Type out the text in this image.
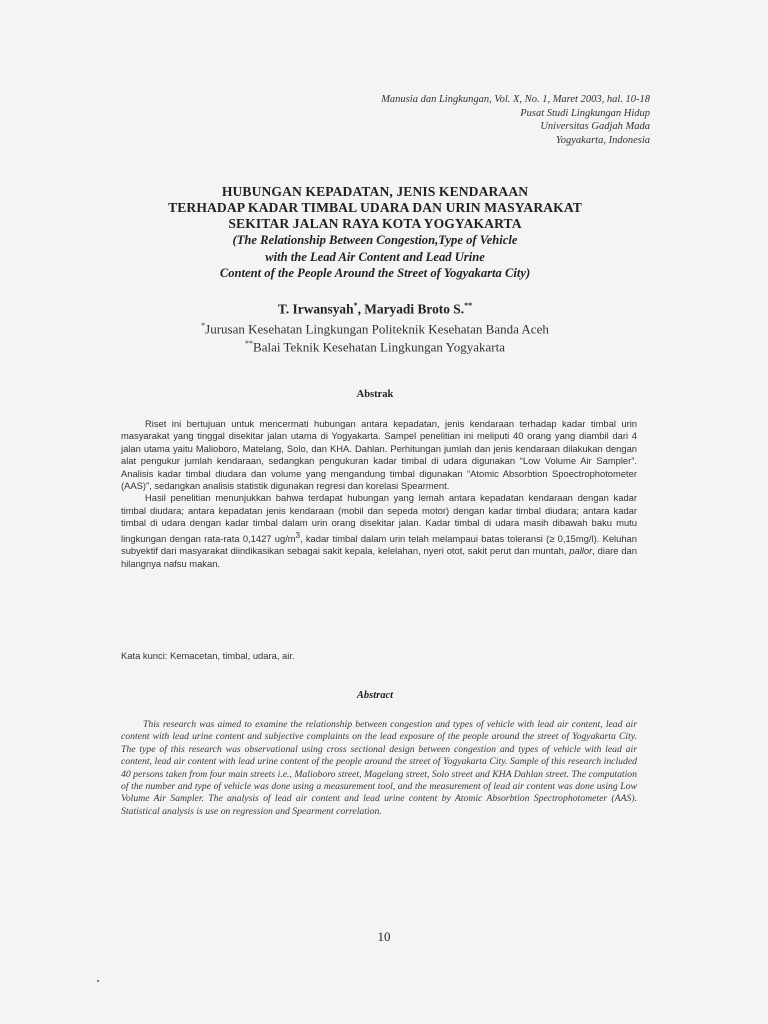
Manusia dan Lingkungan, Vol. X, No. 1, Maret 2003, hal. 10-18
Pusat Studi Lingkungan Hidup
Universitas Gadjah Mada
Yogyakarta, Indonesia
HUBUNGAN KEPADATAN, JENIS KENDARAAN
TERHADAP KADAR TIMBAL UDARA DAN URIN MASYARAKAT
SEKITAR JALAN RAYA KOTA YOGYAKARTA
(The Relationship Between Congestion,Type of Vehicle
with the Lead Air Content and Lead Urine
Content of the People Around the Street of Yogyakarta City)
T. Irwansyah*, Maryadi Broto S.**
*Jurusan Kesehatan Lingkungan Politeknik Kesehatan Banda Aceh
**Balai Teknik Kesehatan Lingkungan Yogyakarta
Abstrak

Riset ini bertujuan untuk mencermati hubungan antara kepadatan, jenis kendaraan terhadap kadar timbal urin masyarakat yang tinggal disekitar jalan utama di Yogyakarta. Sampel penelitian ini meliputi 40 orang yang diambil dari 4 jalan utama yaitu Malioboro, Matelang, Solo, dan KHA. Dahlan. Perhitungan jumlah dan jenis kendaraan dilakukan dengan alat pengukur jumlah kendaraan, sedangkan pengukuran kadar timbal di udara digunakan “Low Volume Air Sampler”. Analisis kadar timbal diudara dan volume yang mengandung timbal digunakan “Atomic Absorbtion Spoectrophotometer (AAS)”, sedangkan analisis statistik digunakan regresi dan korelasi Spearment.

Hasil penelitian menunjukkan bahwa terdapat hubungan yang lemah antara kepadatan kendaraan dengan kadar timbal diudara; antara kepadatan jenis kendaraan (mobil dan sepeda motor) dengan kadar timbal diudara; antara kadar timbal di udara dengan kadar timbal dalam urin orang disekitar jalan. Kadar timbal di udara masih dibawah baku mutu lingkungan dengan rata-rata 0,1427 $ug/m^3$, kadar timbal dalam urin telah melampaui batas toleransi (≥ 0,15mg/l). Keluhan subyektif dari masyarakat diindikasikan sebagai sakit kepala, kelelahan, nyeri otot, sakit perut dan muntah, pallor, diare dan hilangnya nafsu makan.

Kata kunci: Kemacetan, timbal, udara, air.
Abstract

This research was aimed to examine the relationship between congestion and types of vehicle with lead air content, lead air content with lead urine content and subjective complaints on the lead exposure of the people around the street of Yogyakarta City. The type of this research was observational using cross sectional design between congestion and types of vehicle with lead air content, lead air content with lead urine content of the people around the street of Yogyakarta City. Sample of this research included 40 persons taken from four main streets i.e., Malioboro street, Magelang street, Solo street and KHA Dahlan street. The computation of the number and type of vehicle was done using a measurement tool, and the measurement of lead air content was done using Low Volume Air Sampler. The analysis of lead air content and lead urine content by Atomic Absorbtion Spectrophotometer (AAS). Statistical analysis is use on regression and Spearment correlation.

10
